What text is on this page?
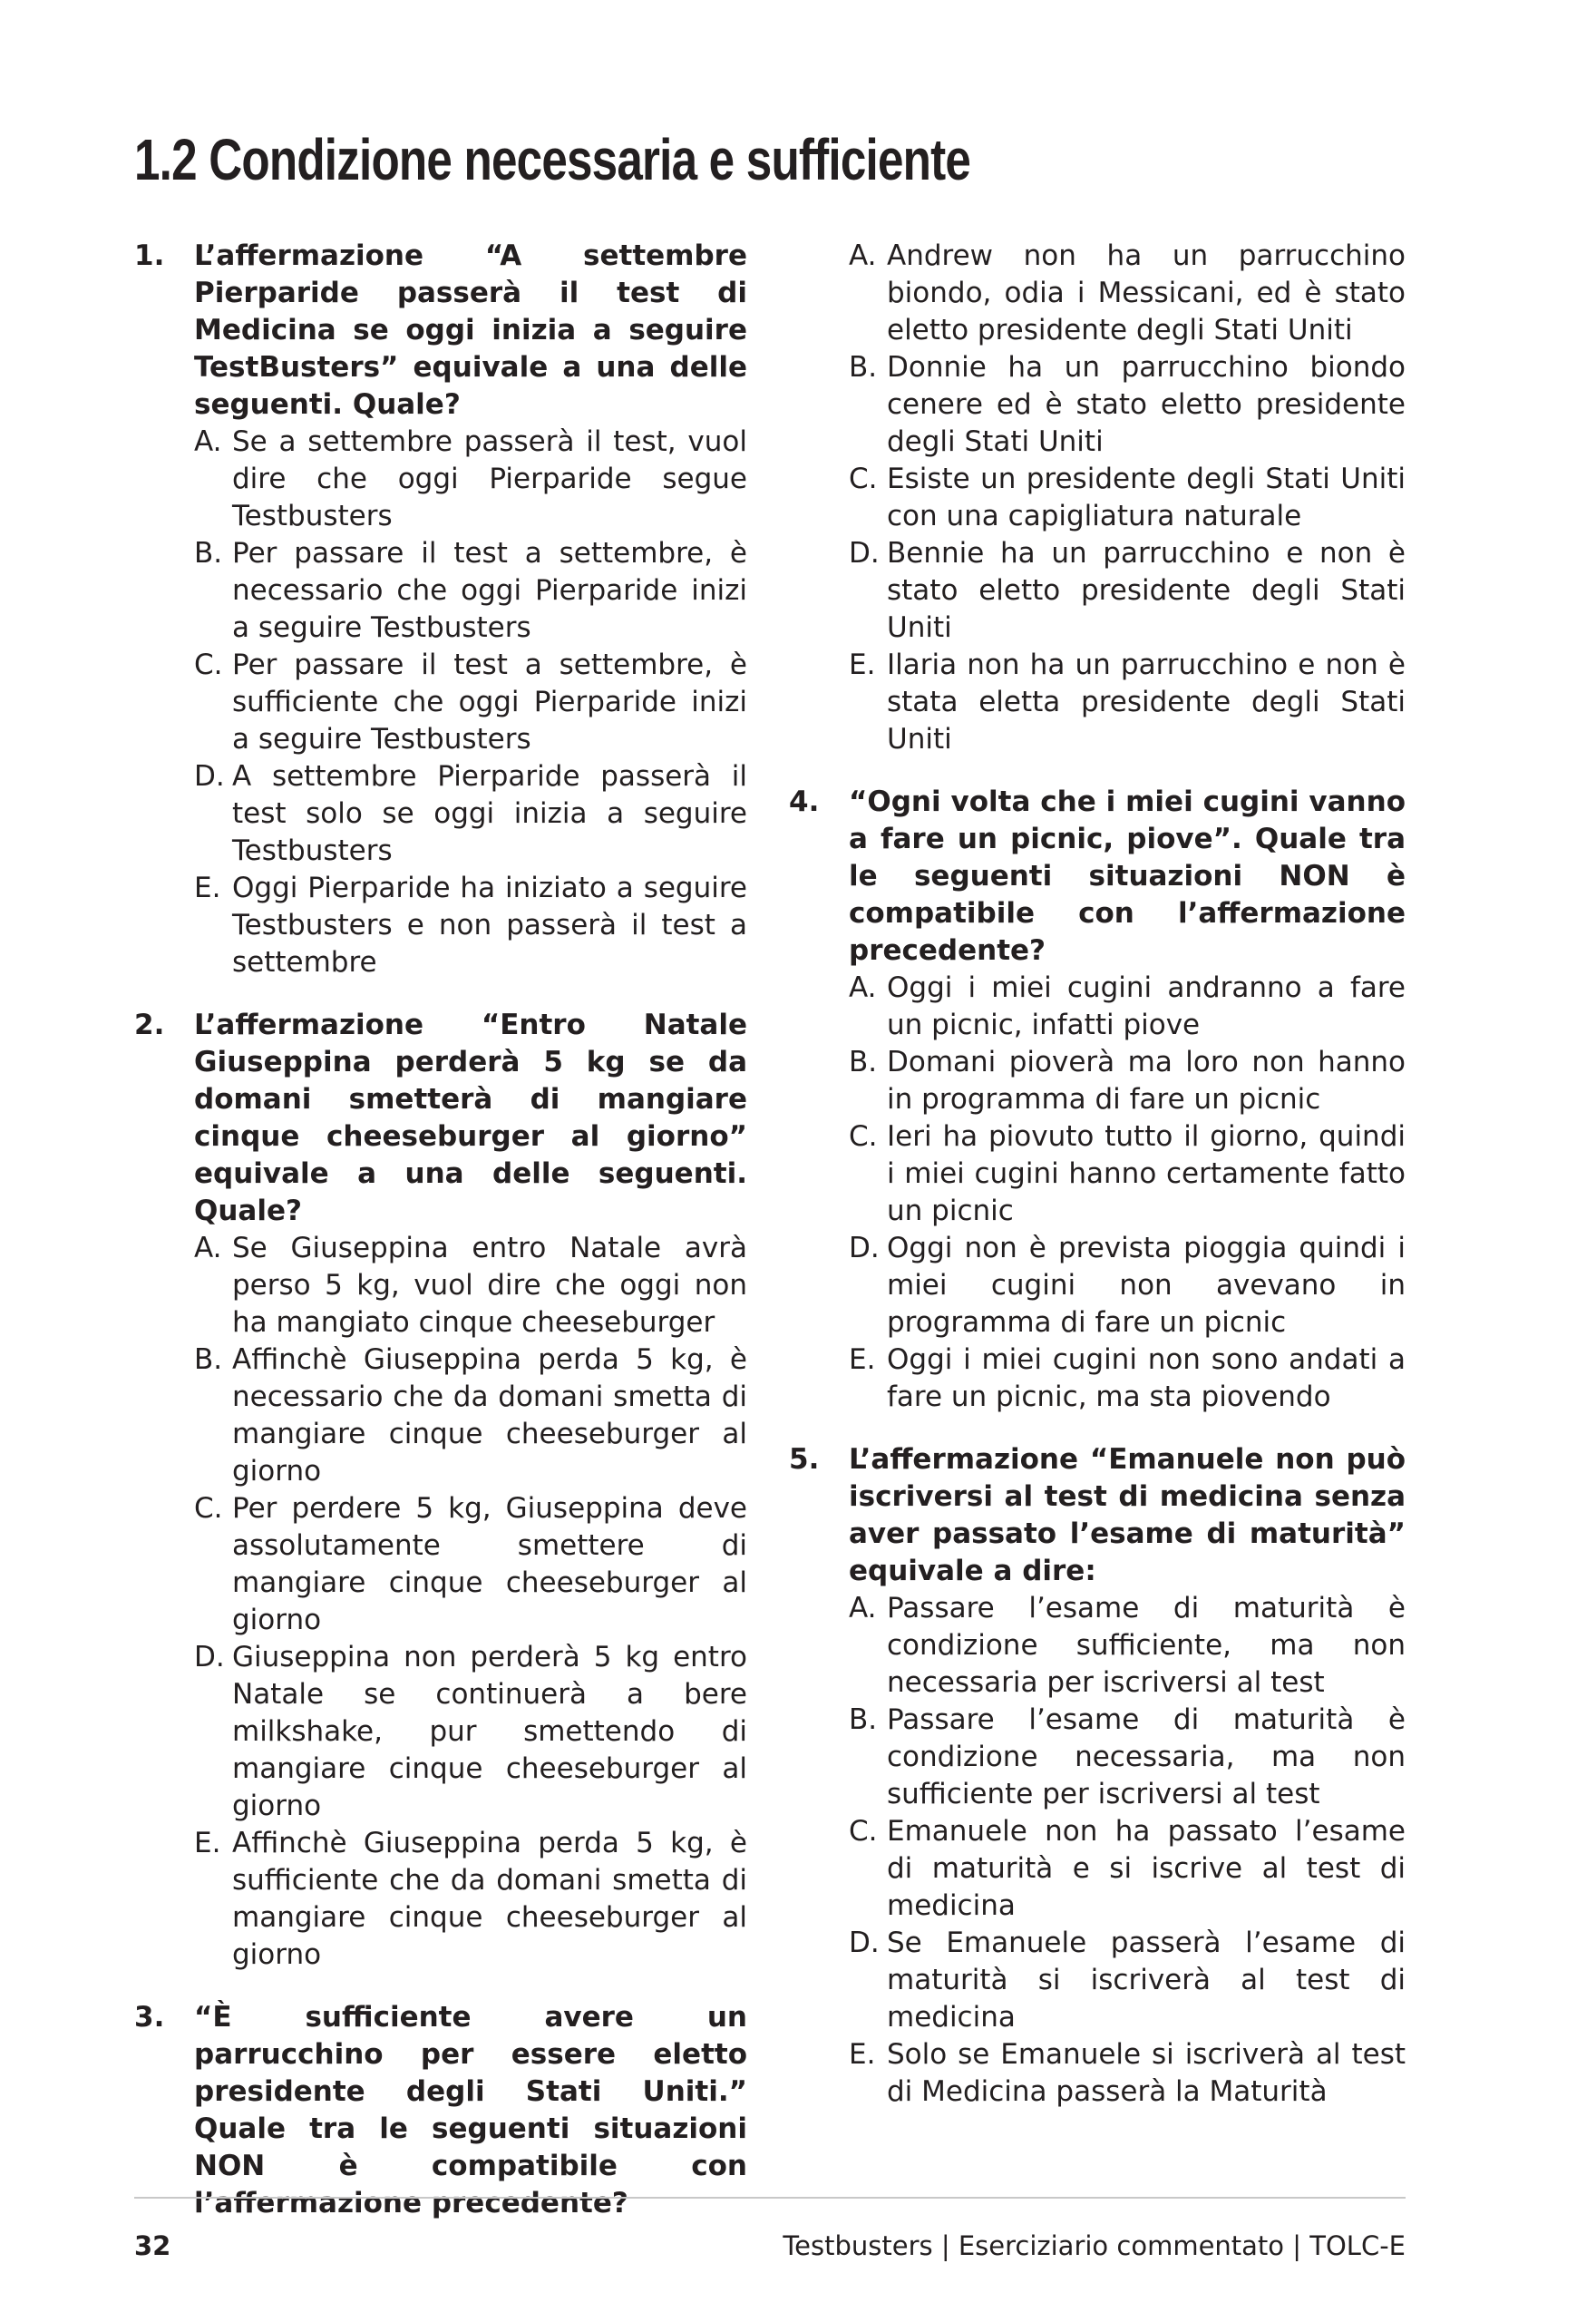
1.2 Condizione necessaria e sufficiente
1. L’affermazione “A settembre Pierparide passerà il test di Medicina se oggi inizia a seguire TestBusters” equivale a una delle seguenti. Quale?

A. Se a settembre passerà il test, vuol dire che oggi Pierparide segue Testbusters
B. Per passare il test a settembre, è necessario che oggi Pierparide inizi a seguire Testbusters
C. Per passare il test a settembre, è sufficiente che oggi Pierparide inizi a seguire Testbusters
D. A settembre Pierparide passerà il test solo se oggi inizia a seguire Testbusters
E. Oggi Pierparide ha iniziato a seguire Testbusters e non passerà il test a settembre
2. L’affermazione “Entro Natale Giuseppina perderà 5 kg se da domani smetterà di mangiare cinque cheeseburger al giorno” equivale a una delle seguenti. Quale?

A. Se Giuseppina entro Natale avrà perso 5 kg, vuol dire che oggi non ha mangiato cinque cheeseburger
B. Affinchè Giuseppina perda 5 kg, è necessario che da domani smetta di mangiare cinque cheeseburger al giorno
C. Per perdere 5 kg, Giuseppina deve assolutamente smettere di mangiare cinque cheeseburger al giorno
D. Giuseppina non perderà 5 kg entro Natale se continuerà a bere milkshake, pur smettendo di mangiare cinque cheeseburger al giorno
E. Affinchè Giuseppina perda 5 kg, è sufficiente che da domani smetta di mangiare cinque cheeseburger al giorno
3. “È sufficiente avere un parrucchino per essere eletto presidente degli Stati Uniti.” Quale tra le seguenti situazioni NON è compatibile con l’affermazione precedente?

A. Andrew non ha un parrucchino biondo, odia i Messicani, ed è stato eletto presidente degli Stati Uniti
B. Donnie ha un parrucchino biondo cenere ed è stato eletto presidente degli Stati Uniti
C. Esiste un presidente degli Stati Uniti con una capigliatura naturale
D. Bennie ha un parrucchino e non è stato eletto presidente degli Stati Uniti
E. Ilaria non ha un parrucchino e non è stata eletta presidente degli Stati Uniti
4. “Ogni volta che i miei cugini vanno a fare un picnic, piove”. Quale tra le seguenti situazioni NON è compatibile con l’affermazione precedente?

A. Oggi i miei cugini andranno a fare un picnic, infatti piove
B. Domani pioverà ma loro non hanno in programma di fare un picnic
C. Ieri ha piovuto tutto il giorno, quindi i miei cugini hanno certamente fatto un picnic
D. Oggi non è prevista pioggia quindi i miei cugini non avevano in programma di fare un picnic
E. Oggi i miei cugini non sono andati a fare un picnic, ma sta piovendo
5. L’affermazione “Emanuele non può iscriversi al test di medicina senza aver passato l’esame di maturità” equivale a dire:

A. Passare l’esame di maturità è condizione sufficiente, ma non necessaria per iscriversi al test
B. Passare l’esame di maturità è condizione necessaria, ma non sufficiente per iscriversi al test
C. Emanuele non ha passato l’esame di maturità e si iscrive al test di medicina
D. Se Emanuele passerà l’esame di maturità si iscriverà al test di medicina
E. Solo se Emanuele si iscriverà al test di Medicina passerà la Maturità
32	Testbusters | Eserciziario commentato | TOLC-E
